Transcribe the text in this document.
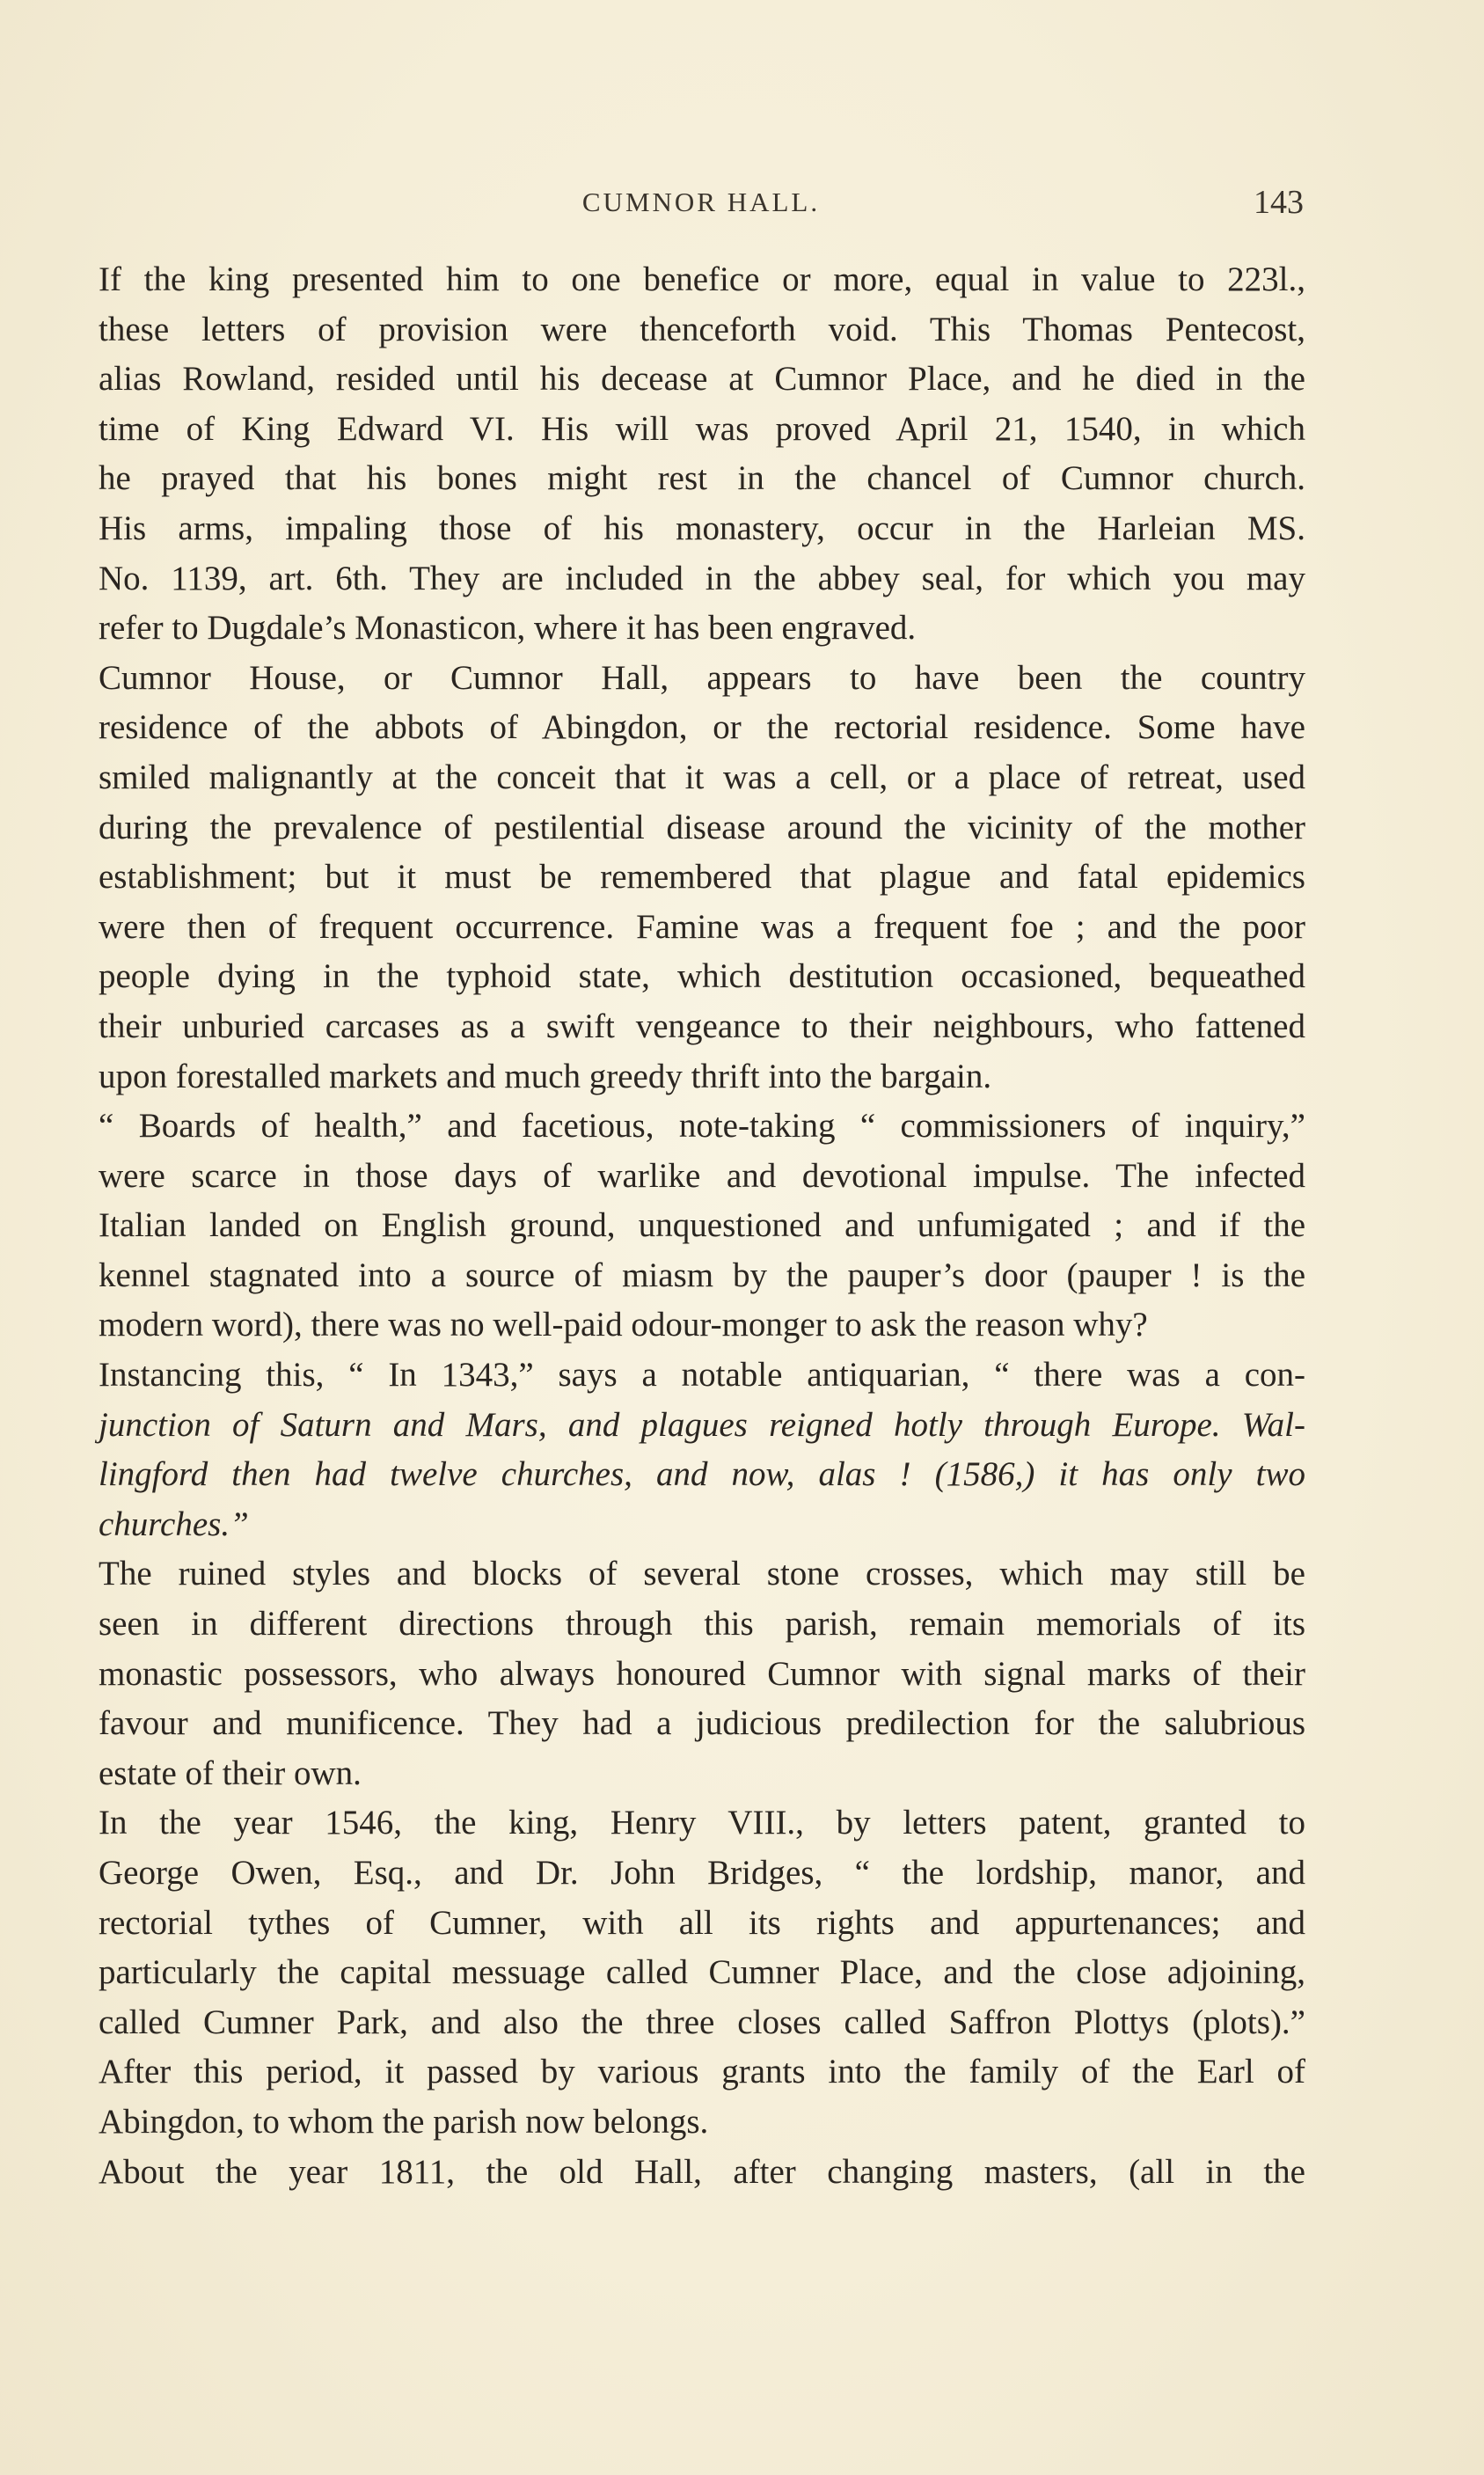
CUMNOR HALL.	143
If the king presented him to one benefice or more, equal in value to 223l.,
these letters of provision were thenceforth void. This Thomas Pentecost,
alias Rowland, resided until his decease at Cumnor Place, and he died in the
time of King Edward VI. His will was proved April 21, 1540, in which
he prayed that his bones might rest in the chancel of Cumnor church.
His arms, impaling those of his monastery, occur in the Harleian MS.
No. 1139, art. 6th. They are included in the abbey seal, for which you may
refer to Dugdale’s Monasticon, where it has been engraved.
Cumnor House, or Cumnor Hall, appears to have been the country
residence of the abbots of Abingdon, or the rectorial residence. Some have
smiled malignantly at the conceit that it was a cell, or a place of retreat, used
during the prevalence of pestilential disease around the vicinity of the mother
establishment; but it must be remembered that plague and fatal epidemics
were then of frequent occurrence. Famine was a frequent foe ; and the poor
people dying in the typhoid state, which destitution occasioned, bequeathed
their unburied carcases as a swift vengeance to their neighbours, who fattened
upon forestalled markets and much greedy thrift into the bargain.
“ Boards of health,” and facetious, note-taking “ commissioners of inquiry,”
were scarce in those days of warlike and devotional impulse. The infected
Italian landed on English ground, unquestioned and unfumigated ; and if the
kennel stagnated into a source of miasm by the pauper’s door (pauper ! is the
modern word), there was no well-paid odour-monger to ask the reason why?
Instancing this, “ In 1343,” says a notable antiquarian, “ there was a con-
junction of Saturn and Mars, and plagues reigned hotly through Europe. Wal-
lingford then had twelve churches, and now, alas ! (1586,) it has only two
churches.”
The ruined styles and blocks of several stone crosses, which may still be
seen in different directions through this parish, remain memorials of its
monastic possessors, who always honoured Cumnor with signal marks of their
favour and munificence. They had a judicious predilection for the salubrious
estate of their own.
In the year 1546, the king, Henry VIII., by letters patent, granted to
George Owen, Esq., and Dr. John Bridges, “ the lordship, manor, and
rectorial tythes of Cumner, with all its rights and appurtenances; and
particularly the capital messuage called Cumner Place, and the close adjoining,
called Cumner Park, and also the three closes called Saffron Plottys (plots).”
After this period, it passed by various grants into the family of the Earl of
Abingdon, to whom the parish now belongs.
About the year 1811, the old Hall, after changing masters, (all in the
